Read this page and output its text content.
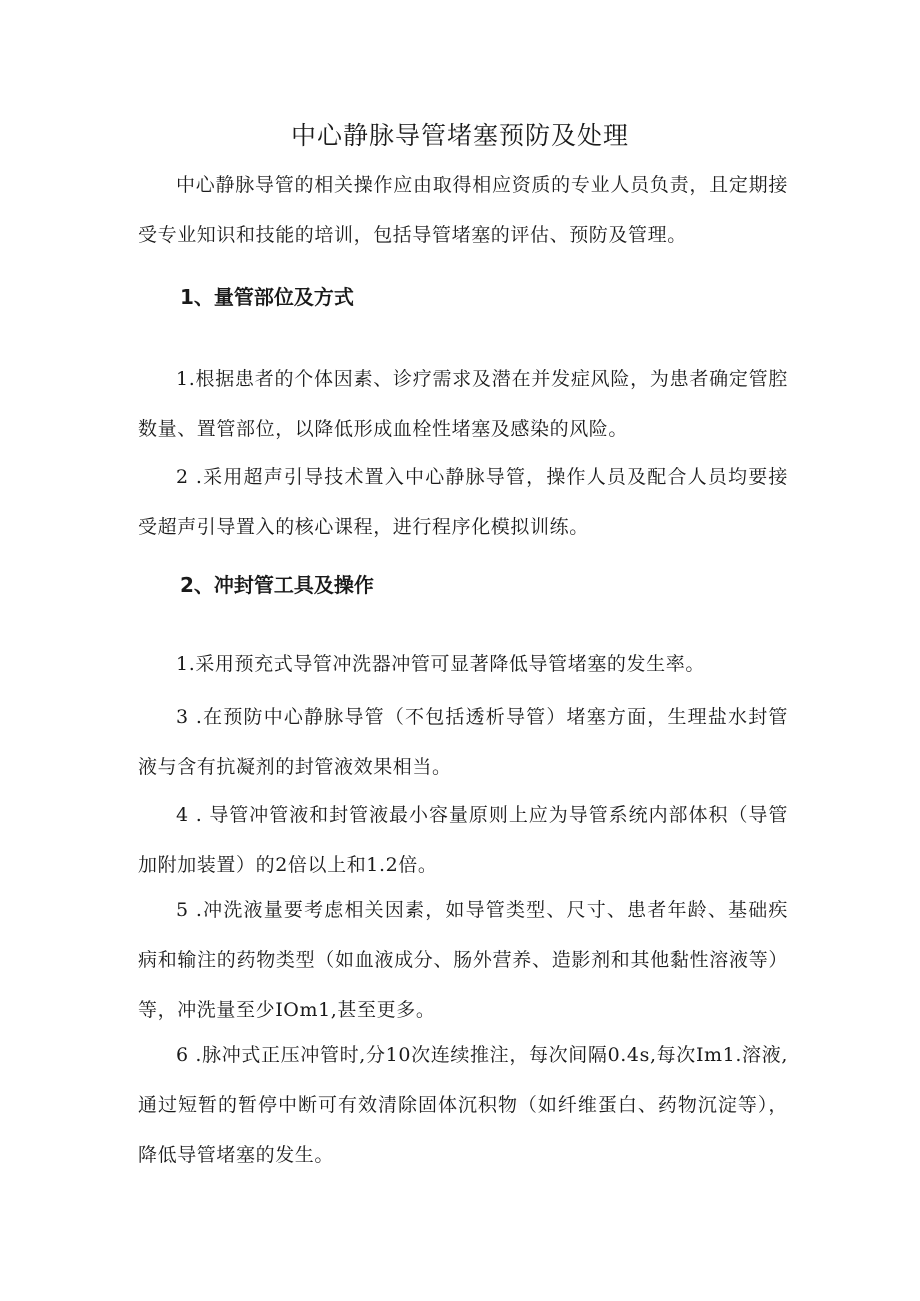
中心静脉导管堵塞预防及处理
中心静脉导管的相关操作应由取得相应资质的专业人员负责，且定期接受专业知识和技能的培训，包括导管堵塞的评估、预防及管理。
1、量管部位及方式
1.根据患者的个体因素、诊疗需求及潜在并发症风险，为患者确定管腔数量、置管部位，以降低形成血栓性堵塞及感染的风险。
2 .采用超声引导技术置入中心静脉导管，操作人员及配合人员均要接受超声引导置入的核心课程，进行程序化模拟训练。
2、冲封管工具及操作
1.采用预充式导管冲洗器冲管可显著降低导管堵塞的发生率。
3 .在预防中心静脉导管（不包括透析导管）堵塞方面，生理盐水封管液与含有抗凝剂的封管液效果相当。
4 . 导管冲管液和封管液最小容量原则上应为导管系统内部体积（导管加附加装置）的2倍以上和1.2倍。
5 .冲洗液量要考虑相关因素，如导管类型、尺寸、患者年龄、基础疾病和输注的药物类型（如血液成分、肠外营养、造影剂和其他黏性溶液等）等，冲洗量至少IOm1,甚至更多。
6 .脉冲式正压冲管时,分10次连续推注，每次间隔0.4s,每次Im1.溶液,通过短暂的暂停中断可有效清除固体沉积物（如纤维蛋白、药物沉淀等），降低导管堵塞的发生。
